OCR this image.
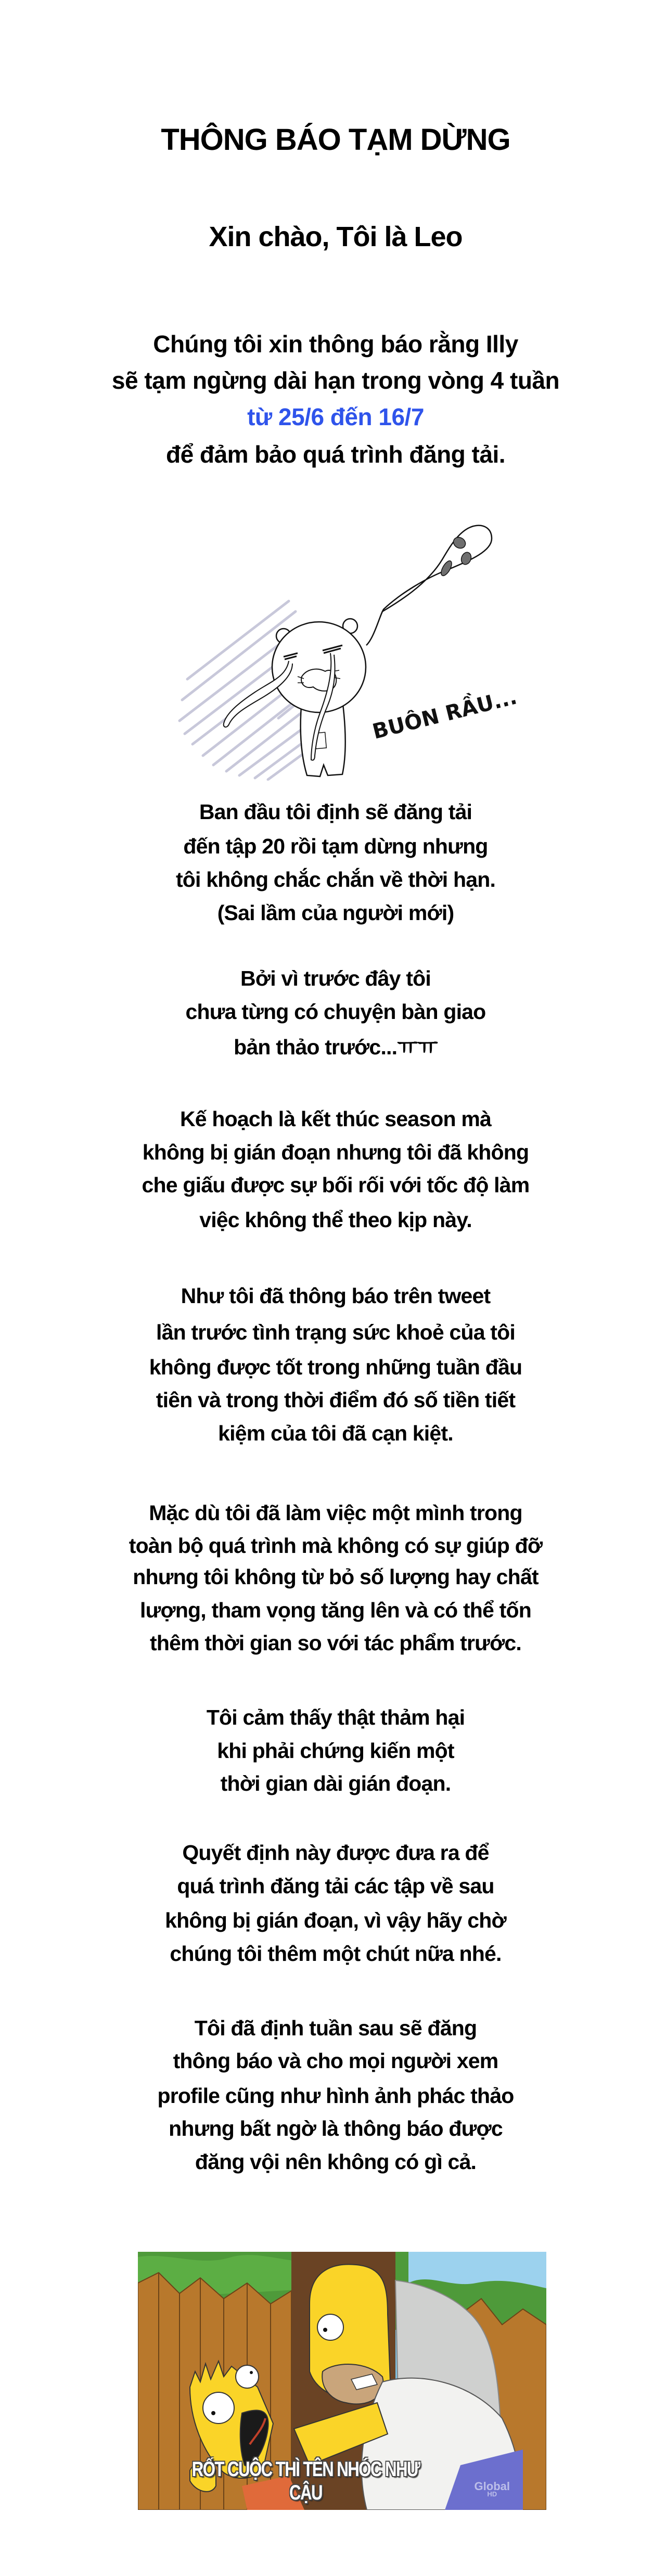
THÔNG BÁO TẠM DỪNG
Xin chào, Tôi là Leo
Chúng tôi xin thông báo rằng Illy
sẽ tạm ngừng dài hạn trong vòng 4 tuần
từ 25/6 đến 16/7
để đảm bảo quá trình đăng tải.
BUÔN RẦU...
Ban đầu tôi định sẽ đăng tải
đến tập 20 rồi tạm dừng nhưng
tôi không chắc chắn về thời hạn.
(Sai lầm của người mới)
Bởi vì trước đây tôi
chưa từng có chuyện bàn giao
bản thảo trước...ㅠㅠ
Kế hoạch là kết thúc season mà
không bị gián đoạn nhưng tôi đã không
che giấu được sự bối rối với tốc độ làm
việc không thể theo kịp này.
Như tôi đã thông báo trên tweet
lần trước tình trạng sức khoẻ của tôi
không được tốt trong những tuần đầu
tiên và trong thời điểm đó số tiền tiết
kiệm của tôi đã cạn kiệt.
Mặc dù tôi đã làm việc một mình trong
toàn bộ quá trình mà không có sự giúp đỡ
nhưng tôi không từ bỏ số lượng hay chất
lượng, tham vọng tăng lên và có thể tốn
thêm thời gian so với tác phẩm trước.
Tôi cảm thấy thật thảm hại
khi phải chứng kiến một
thời gian dài gián đoạn.
Quyết định này được đưa ra để
quá trình đăng tải các tập về sau
không bị gián đoạn, vì vậy hãy chờ
chúng tôi thêm một chút nữa nhé.
Tôi đã định tuần sau sẽ đăng
thông báo và cho mọi người xem
profile cũng như hình ảnh phác thảo
nhưng bất ngờ là thông báo được
đăng vội nên không có gì cả.
RỐT CUỘC THÌ TÊN NHÓC NHƯ CẬU	Global
HD
